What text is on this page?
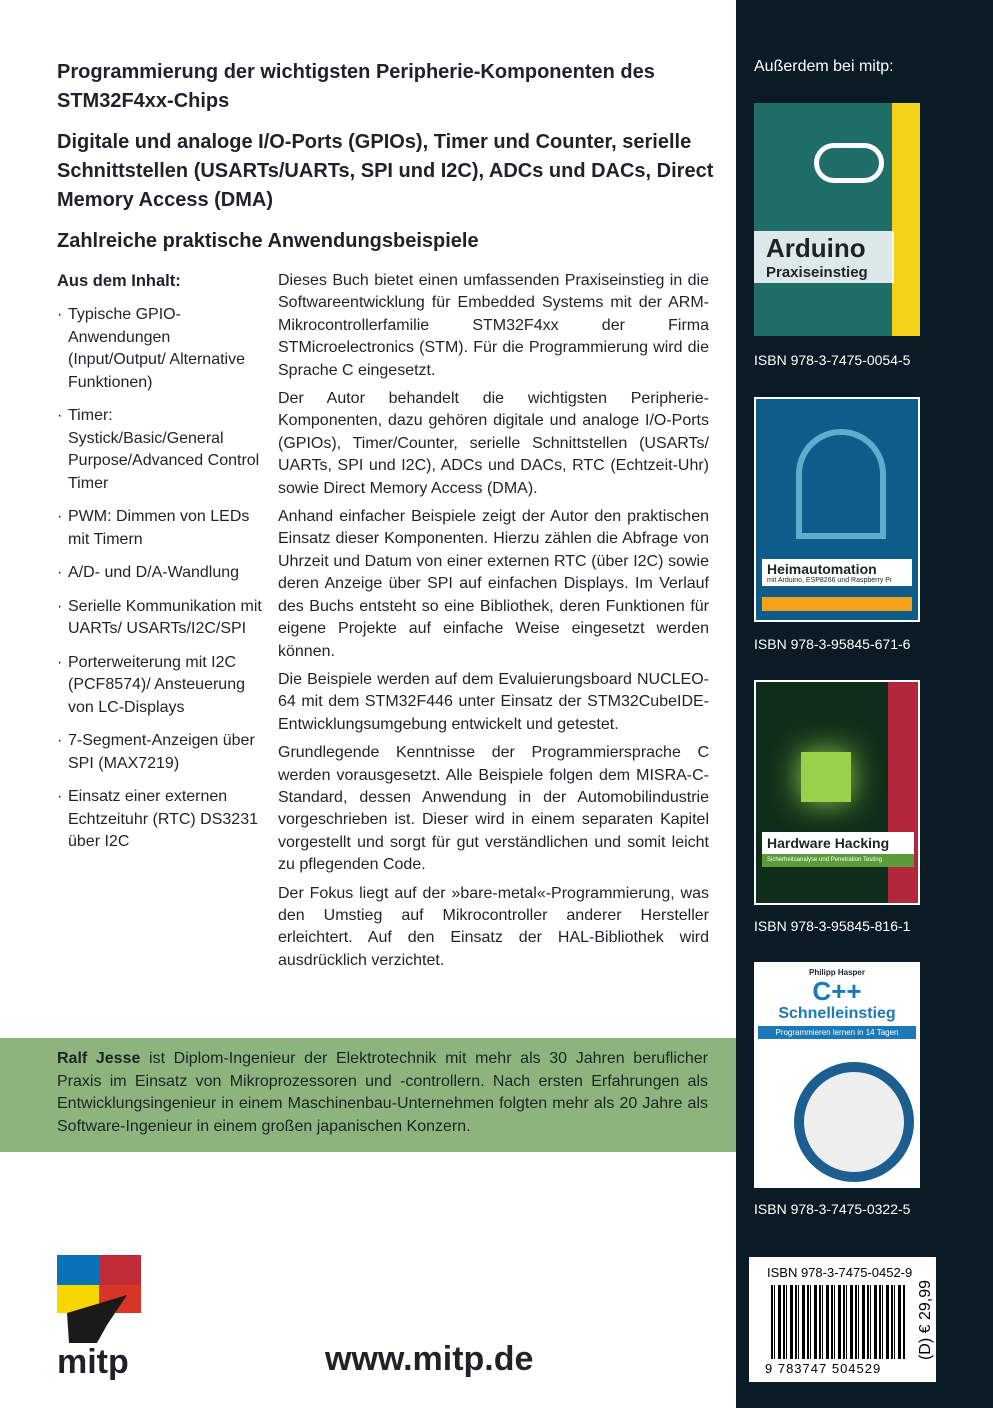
Programmierung der wichtigsten Peripherie-Komponenten des STM32F4xx-Chips
Digitale und analoge I/O-Ports (GPIOs), Timer und Counter, serielle Schnittstellen (USARTs/UARTs, SPI und I2C), ADCs und DACs, Direct Memory Access (DMA)
Zahlreiche praktische Anwendungsbeispiele
Aus dem Inhalt:
· Typische GPIO-Anwendungen (Input/Output/ Alternative Funktionen)
· Timer: Systick/Basic/General Purpose/Advanced Control Timer
· PWM: Dimmen von LEDs mit Timern
· A/D- und D/A-Wandlung
· Serielle Kommunikation mit UARTs/ USARTs/I2C/SPI
· Porterweiterung mit I2C (PCF8574)/ Ansteuerung von LC-Displays
· 7-Segment-Anzeigen über SPI (MAX7219)
· Einsatz einer externen Echtzeituhr (RTC) DS3231 über I2C

Dieses Buch bietet einen umfassenden Praxiseinstieg in die Softwareentwicklung für Embedded Systems mit der ARM-Mikrocontrollerfamilie STM32F4xx der Firma STMicroelectronics (STM). Für die Programmierung wird die Sprache C eingesetzt.

Der Autor behandelt die wichtigsten Peripherie-Komponenten, dazu gehören digitale und analoge I/O-Ports (GPIOs), Timer/Counter, serielle Schnittstellen (USARTs/ UARTs, SPI und I2C), ADCs und DACs, RTC (Echtzeit-Uhr) sowie Direct Memory Access (DMA).

Anhand einfacher Beispiele zeigt der Autor den praktischen Einsatz dieser Komponenten. Hierzu zählen die Abfrage von Uhrzeit und Datum von einer externen RTC (über I2C) sowie deren Anzeige über SPI auf einfachen Displays. Im Verlauf des Buchs entsteht so eine Bibliothek, deren Funktionen für eigene Projekte auf einfache Weise eingesetzt werden können.

Die Beispiele werden auf dem Evaluierungsboard NUCLEO-64 mit dem STM32F446 unter Einsatz der STM32CubeIDE-Entwicklungsumgebung entwickelt und getestet.

Grundlegende Kenntnisse der Programmiersprache C werden vorausgesetzt. Alle Beispiele folgen dem MISRA-C-Standard, dessen Anwendung in der Automobilindustrie vorgeschrieben ist. Dieser wird in einem separaten Kapitel vorgestellt und sorgt für gut verständlichen und somit leicht zu pflegenden Code.

Der Fokus liegt auf der »bare-metal«-Programmierung, was den Umstieg auf Mikrocontroller anderer Hersteller erleichtert. Auf den Einsatz der HAL-Bibliothek wird ausdrücklich verzichtet.

Ralf Jesse ist Diplom-Ingenieur der Elektrotechnik mit mehr als 30 Jahren beruflicher Praxis im Einsatz von Mikroprozessoren und -controllern. Nach ersten Erfahrungen als Entwicklungsingenieur in einem Maschinenbau-Unternehmen folgten mehr als 20 Jahre als Software-Ingenieur in einem großen japanischen Konzern.
mitp	www.mitp.de
Außerdem bei mitp:
Arduino
Praxiseinstieg
ISBN 978-3-7475-0054-5
Heimautomation
mit Arduino, ESP8266 und Raspberry Pi
ISBN 978-3-95845-671-6
Hardware Hacking
Sicherheitsanalyse und Penetration Testing
ISBN 978-3-95845-816-1
Philipp Hasper
C++
Schnelleinstieg
Programmieren lernen in 14 Tagen
ISBN 978-3-7475-0322-5
ISBN 978-3-7475-0452-9
9 783747 504529
(D) € 29,99
